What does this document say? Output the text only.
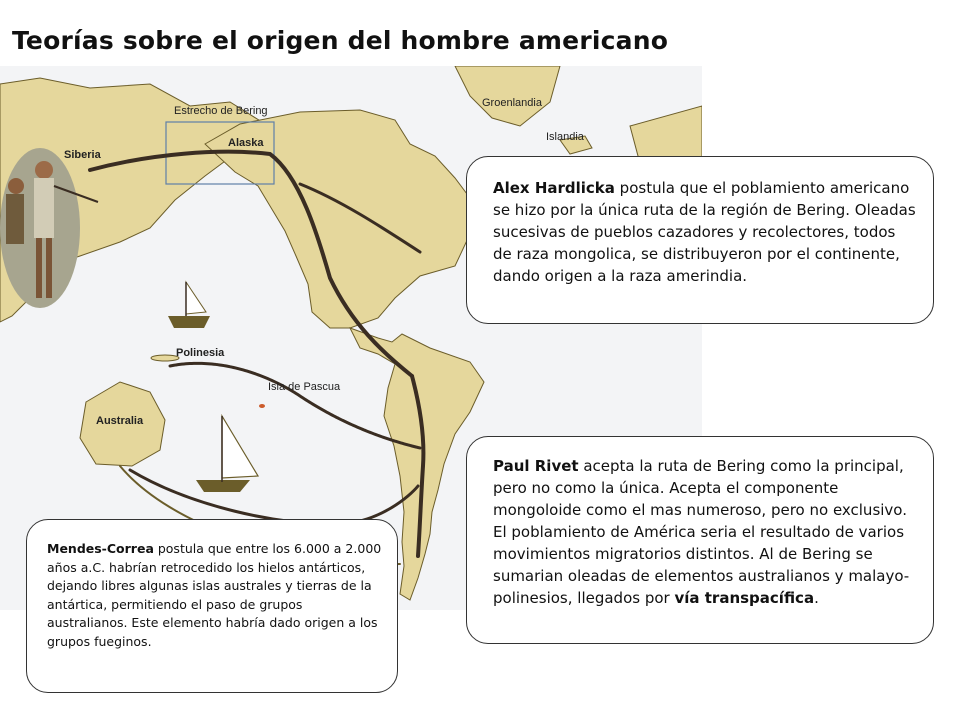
Teorías sobre el origen del hombre americano
Estrecho de Bering
Siberia
Alaska
Groenlandia
Islandia
Polinesia
Isla de Pascua
Australia

Alex Hardlicka postula que el poblamiento americano se hizo por la única ruta de la región de Bering. Oleadas sucesivas de pueblos cazadores y recolectores, todos de raza mongolica, se distribuyeron por el continente, dando origen a la raza amerindia.

Paul Rivet acepta la ruta de Bering como la principal, pero no como la única. Acepta el componente mongoloide como el mas numeroso, pero no exclusivo. El poblamiento de América seria el resultado de varios movimientos migratorios distintos. Al de Bering se sumarian oleadas de elementos australianos y malayo-polinesios, llegados por vía transpacífica.

Mendes-Correa postula que entre los 6.000 a 2.000 años a.C. habrían retrocedido los hielos antárticos, dejando libres algunas islas australes y tierras de la antártica, permitiendo el paso de grupos australianos. Este elemento habría dado origen a los grupos fueginos.
